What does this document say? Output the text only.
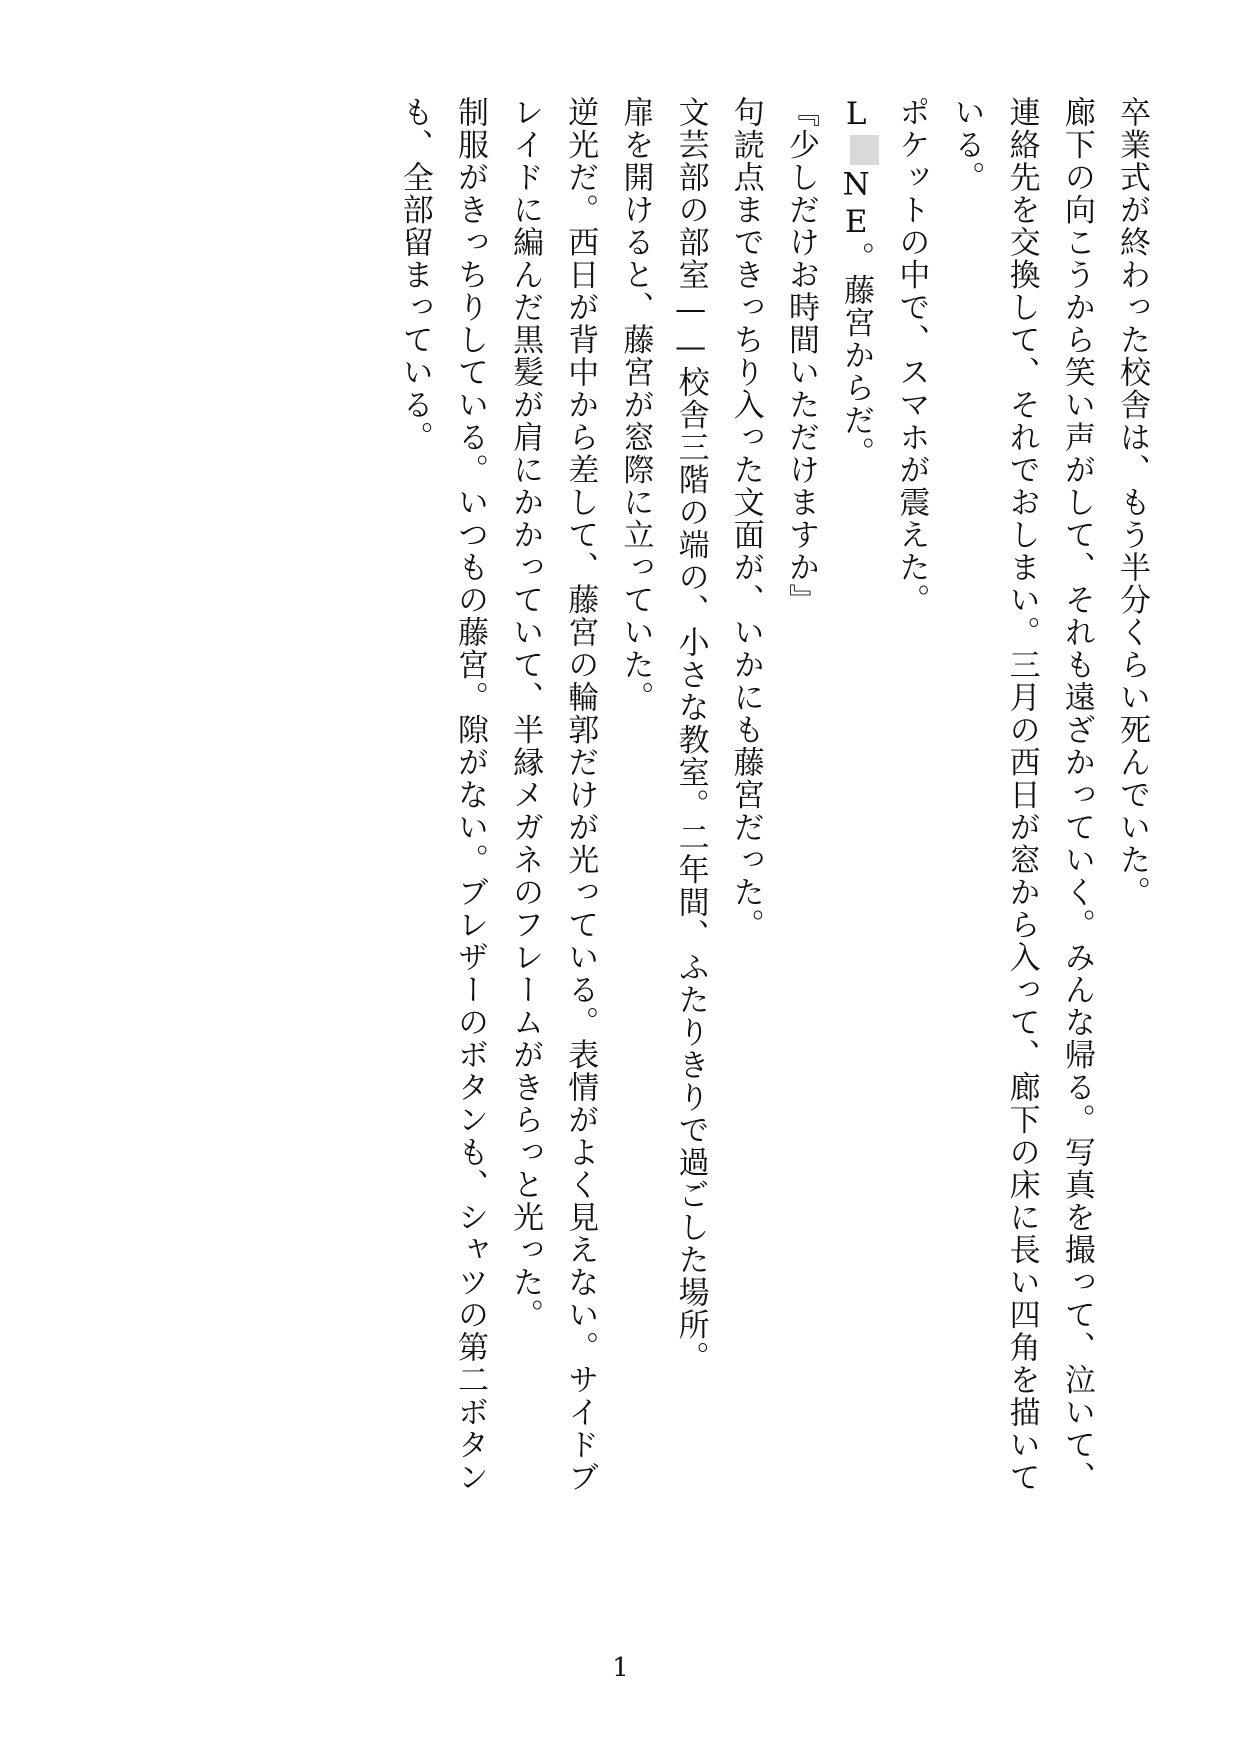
卒業式が終わった校舎は、もう半分くらい死んでいた。

廊下の向こうから笑い声がして、それも遠ざかっていく。みんな帰る。写真を撮って、泣いて、連絡先を交換して、それでおしまい。三月の西日が窓から入って、廊下の床に長い四角を描いている。

ポケットの中で、スマホが震えた。

LNE。藤宮からだ。

『少しだけお時間いただけますか』

句読点まできっちり入った文面が、いかにも藤宮だった。

文芸部の部室——校舎三階の端の、小さな教室。二年間、ふたりきりで過ごした場所。

扉を開けると、藤宮が窓際に立っていた。

逆光だ。西日が背中から差して、藤宮の輪郭だけが光っている。表情がよく見えない。サイドブレイドに編んだ黒髪が肩にかかっていて、半縁メガネのフレームがきらっと光った。

制服がきっちりしている。いつもの藤宮。隙がない。ブレザーのボタンも、シャツの第二ボタンも、全部留まっている。

1
